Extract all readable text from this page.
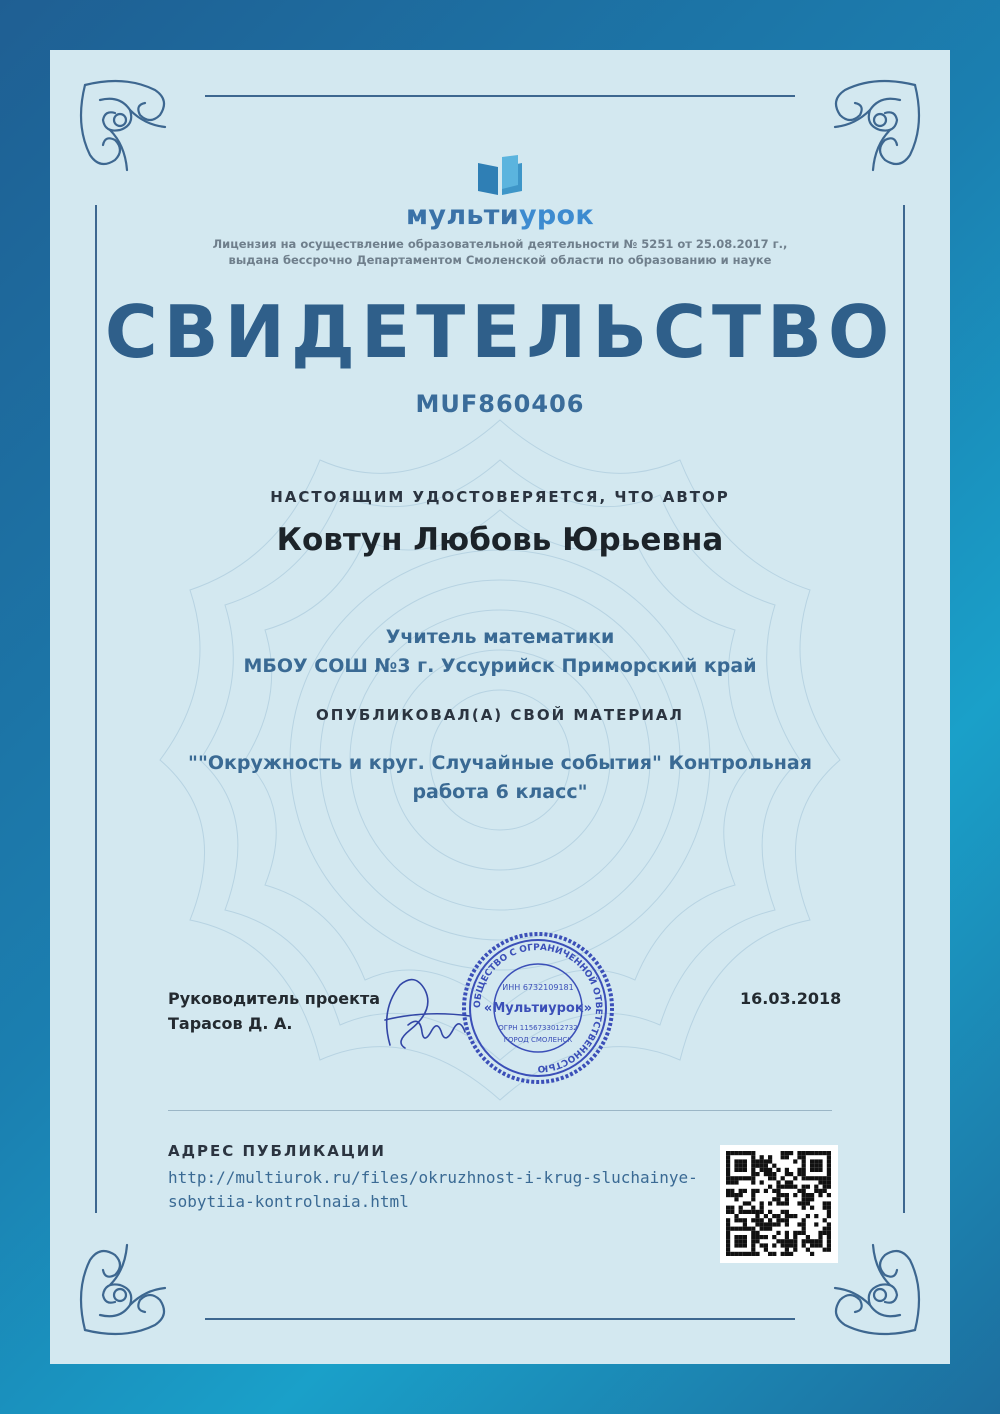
мультиурок
Лицензия на осуществление образовательной деятельности № 5251 от 25.08.2017 г.,
выдана бессрочно Департаментом Смоленской области по образованию и науке
СВИДЕТЕЛЬСТВО
MUF860406
НАСТОЯЩИМ УДОСТОВЕРЯЕТСЯ, ЧТО АВТОР
Ковтун Любовь Юрьевна
Учитель математики
МБОУ СОШ №3 г. Уссурийск Приморский край
ОПУБЛИКОВАЛ(А) СВОЙ МАТЕРИАЛ
""Окружность и круг. Случайные события" Контрольная
работа 6 класс"
Руководитель проекта
Тарасов Д. А.
ОБЩЕСТВО С ОГРАНИЧЕННОЙ ОТВЕТСТВЕННОСТЬЮ
ИНН 6732109181
«Мультиурок»
ОГРН 1156733012732
ГОРОД СМОЛЕНСК
16.03.2018
АДРЕС ПУБЛИКАЦИИ
http://multiurok.ru/files/okruzhnost-i-krug-sluchainye-
sobytiia-kontrolnaia.html
